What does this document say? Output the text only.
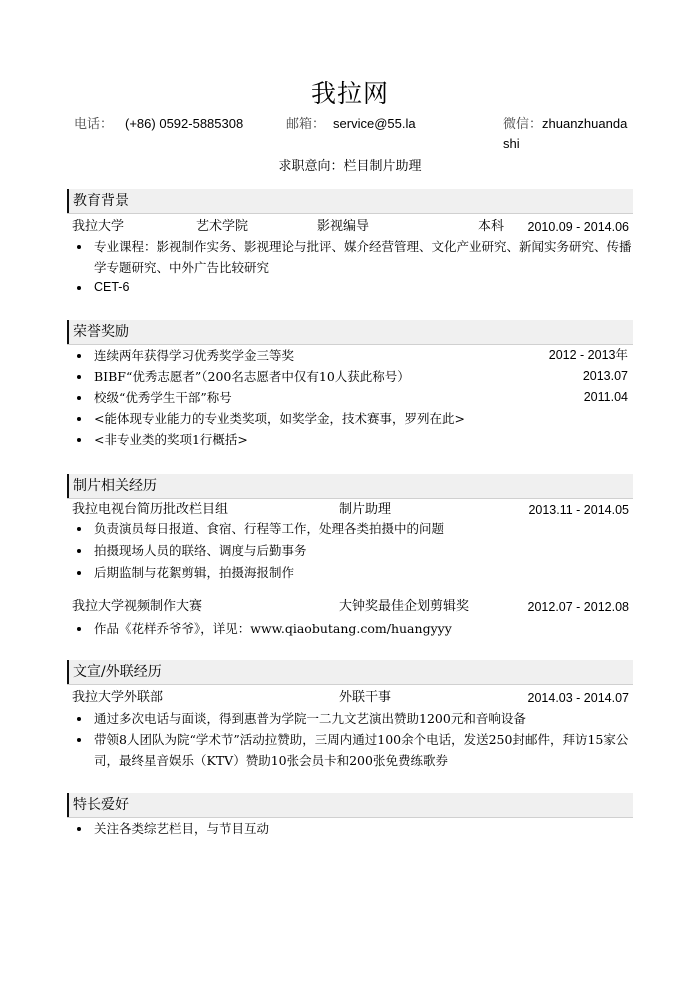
我拉网
电话： (+86) 0592-5885308	邮箱： service@55.la	微信：zhuanzhuandashi
求职意向：栏目制片助理
教育背景
我拉大学	艺术学院	影视编导	本科 2010.09 - 2014.06
专业课程：影视制作实务、影视理论与批评、媒介经营管理、文化产业研究、新闻实务研究、传播学专题研究、中外广告比较研究
CET-6
荣誉奖励
连续两年获得学习优秀奖学金三等奖	2012 - 2013年
BIBF“优秀志愿者”（200名志愿者中仅有10人获此称号）	2013.07
校级“优秀学生干部”称号	2011.04
<能体现专业能力的专业类奖项，如奖学金，技术赛事，罗列在此>
<非专业类的奖项1行概括>
制片相关经历
我拉电视台简历批改栏目组	制片助理	2013.11 - 2014.05
负责演员每日报道、食宿、行程等工作，处理各类拍摄中的问题
拍摄现场人员的联络、调度与后勤事务
后期监制与花絮剪辑，拍摄海报制作
我拉大学视频制作大赛	大钟奖最佳企划剪辑奖	2012.07 - 2012.08
作品《花样乔爷爷》，详见：www.qiaobutang.com/huangyyy
文宣/外联经历
我拉大学外联部	外联干事	2014.03 - 2014.07
通过多次电话与面谈，得到惠普为学院一二九文艺演出赞助1200元和音响设备
带领8人团队为院“学术节”活动拉赞助，三周内通过100余个电话，发送250封邮件，拜访15家公司，最终星音娱乐（KTV）赞助10张会员卡和200张免费练歌券
特长爱好
关注各类综艺栏目，与节目互动
